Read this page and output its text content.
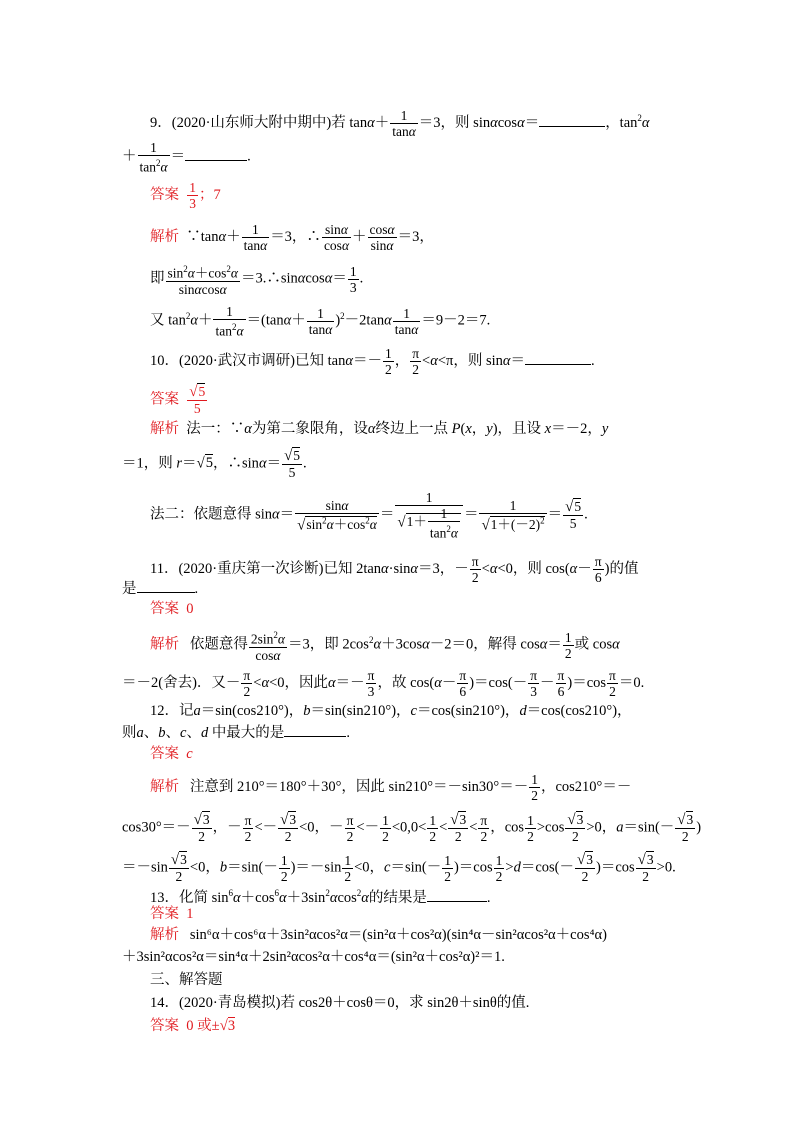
9．(2020·山东师大附中期中)若 $\tan\alpha+ \frac{1}{\tan\alpha} =3$，则 sinαcosα＝	，$\tan^2\alpha$
＋ $\frac{1}{\tan^2\alpha}$ ＝	.
答案 $\frac{1}{3}$ ；7
解析 ∵tanα＋ $\frac{1}{\tan\alpha} =3$，∴ $\frac{\sin\alpha}{\cos\alpha} + \frac{\cos\alpha}{\sin\alpha} =3$，
即 $\frac{\sin^2\alpha+\cos^2\alpha}{\sin\alpha\cos\alpha}$ ＝3.∴sinαcosα＝ $\frac{1}{3}$ .
又 $\tan^2\alpha+ \frac{1}{\tan^2\alpha} =(\tan\alpha+ \frac{1}{\tan\alpha} )^2-2\tan\alpha \frac{1}{\tan\alpha} =9-2=7$.
10．(2020·武汉市调研)已知 $\tan\alpha=- \frac{1}{2}$ ， $\frac{\pi}{2} <\alpha<\pi$，则 sinα＝	.
答案 $\frac{√5}{5}$
解析 法一：∵α为第二象限角，设α终边上一点 P(x，y)，且设 x＝－2，y
＝1，则 r＝√5，∴sinα＝ $\frac{√5}{5}$ .
法二：依题意得 $\sin\alpha= \frac{\sin\alpha}{√\sin^2\alpha+\cos^2\alpha} = \frac{1}{√1+ \frac{1}{\tan^2\alpha}} = \frac{1}{√1+(-2)^2} = \frac{√5}{5}$ .
11．(2020·重庆第一次诊断)已知 2tanα·sinα＝3，－ $\frac{\pi}{2} <\alpha<0$，则 $\cos(\alpha- \frac{\pi}{6}$ )的值
是	.
答案 0
解析 依题意得 $\frac{2\sin^2\alpha}{\cos\alpha} =3$，即 $2\cos^2\alpha+3\cos\alpha-2=0$，解得 $\cos\alpha= \frac{1}{2}$ 或 cosα
＝－2(舍去)．又－ $\frac{\pi}{2} <\alpha<0$，因此$\alpha=- \frac{\pi}{3}$ ，故 $\cos(\alpha- \frac{\pi}{6} )=\cos(- \frac{\pi}{3} - \frac{\pi}{6} )=\cos \frac{\pi}{2} =0$.
12．记a＝sin(cos210°)，b＝sin(sin210°)，c＝cos(sin210°)，d＝cos(cos210°)，
则a、b、c、d 中最大的是	.
答案 c
解析 注意到 210°＝180°＋30°，因此 $\sin 210^\circ=-\sin 30^\circ=- \frac{1}{2}$ ，cos210°＝－
$\cos 30^\circ=- \frac{√3}{2}$ ，－ $\frac{\pi}{2} <- \frac{√3}{2} <0$，－ $\frac{\pi}{2} <- \frac{1}{2} <0,0< \frac{1}{2} < \frac{√3}{2} < \frac{\pi}{2}$ ，$\cos \frac{1}{2} >\cos \frac{√3}{2} >0$，$a=\sin(- \frac{√3}{2}$ )
$=-\sin \frac{√3}{2} <0$，$b=\sin(- \frac{1}{2} )=-\sin \frac{1}{2} <0$，$c=\sin(- \frac{1}{2} )=\cos \frac{1}{2} >d=\cos(- \frac{√3}{2} )=\cos \frac{√3}{2} >0$.
13．化简 $\sin^6\alpha+\cos^6\alpha+3\sin^2\alpha\cos^2\alpha$的结果是	.
答案 1
解析 sin⁶α＋cos⁶α＋3sin²αcos²α＝(sin²α＋cos²α)(sin⁴α－sin²αcos²α＋cos⁴α)
＋3sin²αcos²α＝sin⁴α＋2sin²αcos²α＋cos⁴α＝(sin²α＋cos²α)²＝1.
三、解答题
14．(2020·青岛模拟)若 cos2θ＋cosθ＝0，求 sin2θ＋sinθ的值.
答案 0 或±√3
